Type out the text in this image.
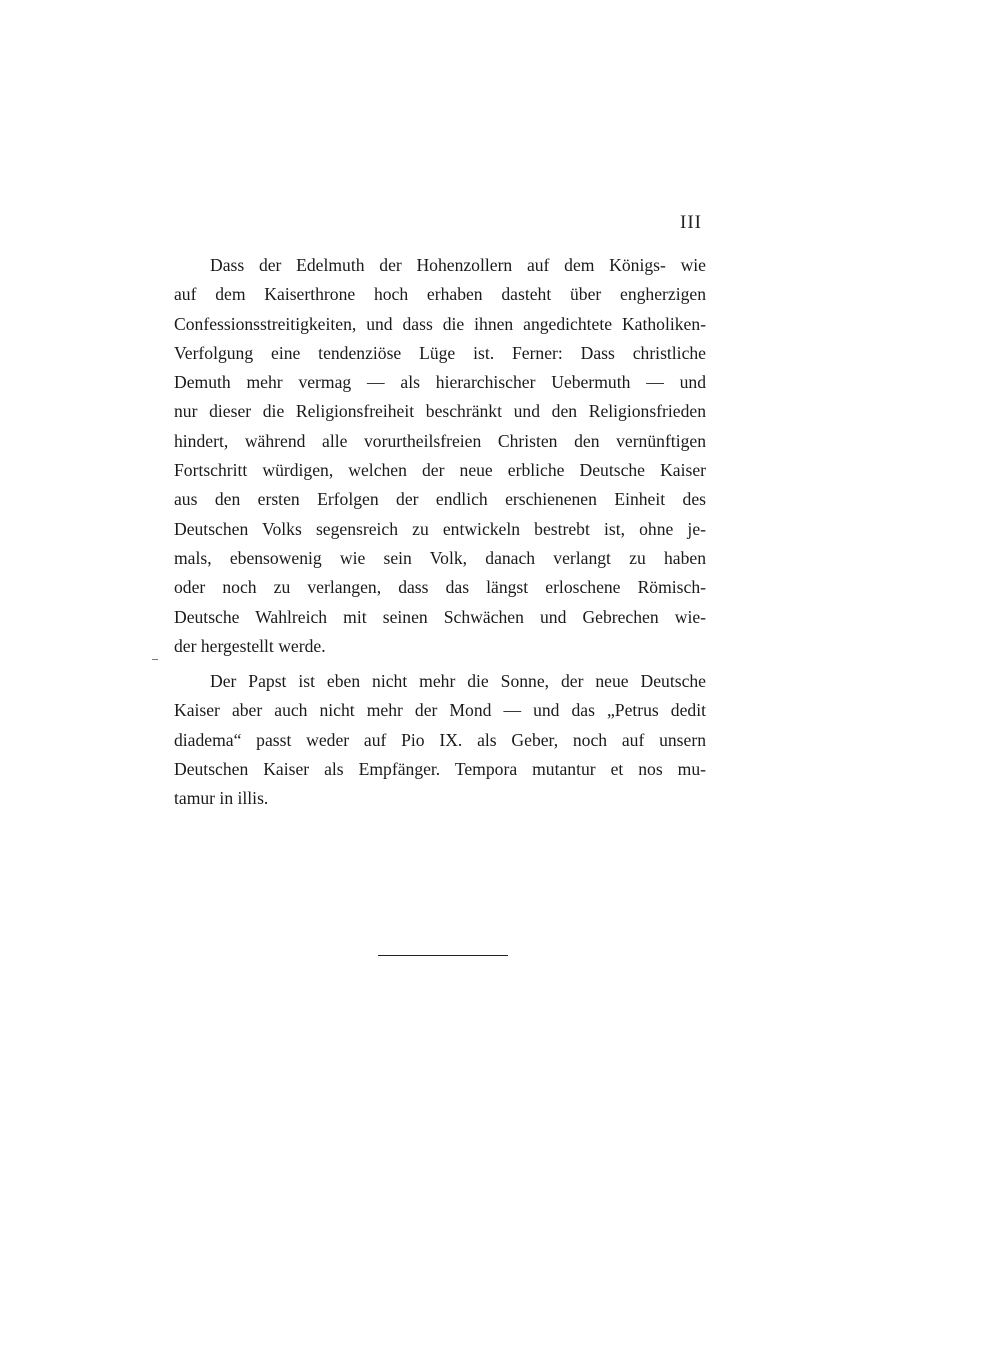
III
Dass der Edelmuth der Hohenzollern auf dem Königs- wie
auf dem Kaiserthrone hoch erhaben dasteht über engherzigen
Confessionsstreitigkeiten, und dass die ihnen angedichtete Katholiken-
Verfolgung eine tendenziöse Lüge ist. Ferner: Dass christliche
Demuth mehr vermag — als hierarchischer Uebermuth — und
nur dieser die Religionsfreiheit beschränkt und den Religionsfrieden
hindert, während alle vorurtheilsfreien Christen den vernünftigen
Fortschritt würdigen, welchen der neue erbliche Deutsche Kaiser
aus den ersten Erfolgen der endlich erschienenen Einheit des
Deutschen Volks segensreich zu entwickeln bestrebt ist, ohne je-
mals, ebensowenig wie sein Volk, danach verlangt zu haben
oder noch zu verlangen, dass das längst erloschene Römisch-
Deutsche Wahlreich mit seinen Schwächen und Gebrechen wie-
der hergestellt werde.
Der Papst ist eben nicht mehr die Sonne, der neue Deutsche
Kaiser aber auch nicht mehr der Mond — und das „Petrus dedit
diadema“ passt weder auf Pio IX. als Geber, noch auf unsern
Deutschen Kaiser als Empfänger. Tempora mutantur et nos mu-
tamur in illis.
